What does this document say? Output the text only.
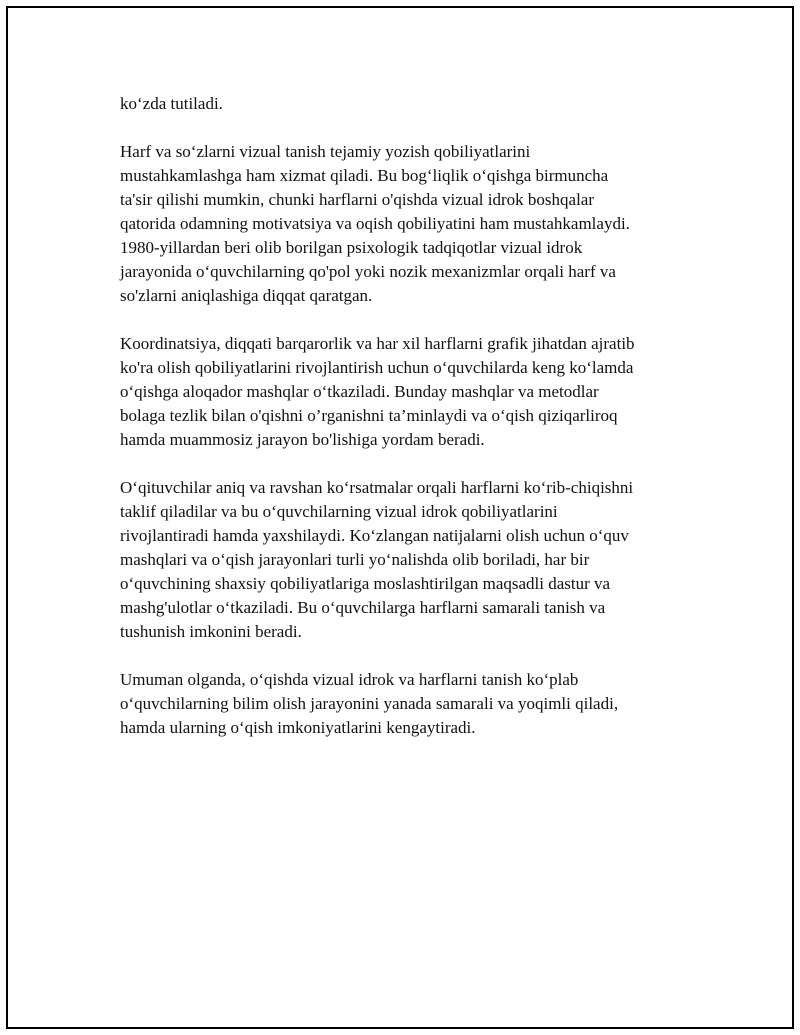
ko‘zda tutiladi.

Harf va so‘zlarni vizual tanish tejamiy yozish qobiliyatlarini
mustahkamlashga ham xizmat qiladi. Bu bog‘liqlik o‘qishga birmuncha
ta'sir qilishi mumkin, chunki harflarni o'qishda vizual idrok boshqalar
qatorida odamning motivatsiya va oqish qobiliyatini ham mustahkamlaydi.
1980-yillardan beri olib borilgan psixologik tadqiqotlar vizual idrok
jarayonida o‘quvchilarning qo'pol yoki nozik mexanizmlar orqali harf va
so'zlarni aniqlashiga diqqat qaratgan.

Koordinatsiya, diqqati barqarorlik va har xil harflarni grafik jihatdan ajratib
ko'ra olish qobiliyatlarini rivojlantirish uchun o‘quvchilarda keng ko‘lamda
o‘qishga aloqador mashqlar o‘tkaziladi. Bunday mashqlar va metodlar
bolaga tezlik bilan o'qishni o’rganishni ta’minlaydi va o‘qish qiziqarliroq
hamda muammosiz jarayon bo'lishiga yordam beradi.

O‘qituvchilar aniq va ravshan ko‘rsatmalar orqali harflarni ko‘rib-chiqishni
taklif qiladilar va bu o‘quvchilarning vizual idrok qobiliyatlarini
rivojlantiradi hamda yaxshilaydi. Ko‘zlangan natijalarni olish uchun o‘quv
mashqlari va o‘qish jarayonlari turli yo‘nalishda olib boriladi, har bir
o‘quvchining shaxsiy qobiliyatlariga moslashtirilgan maqsadli dastur va
mashg'ulotlar o‘tkaziladi. Bu o‘quvchilarga harflarni samarali tanish va
tushunish imkonini beradi.

Umuman olganda, o‘qishda vizual idrok va harflarni tanish ko‘plab
o‘quvchilarning bilim olish jarayonini yanada samarali va yoqimli qiladi,
hamda ularning o‘qish imkoniyatlarini kengaytiradi.
